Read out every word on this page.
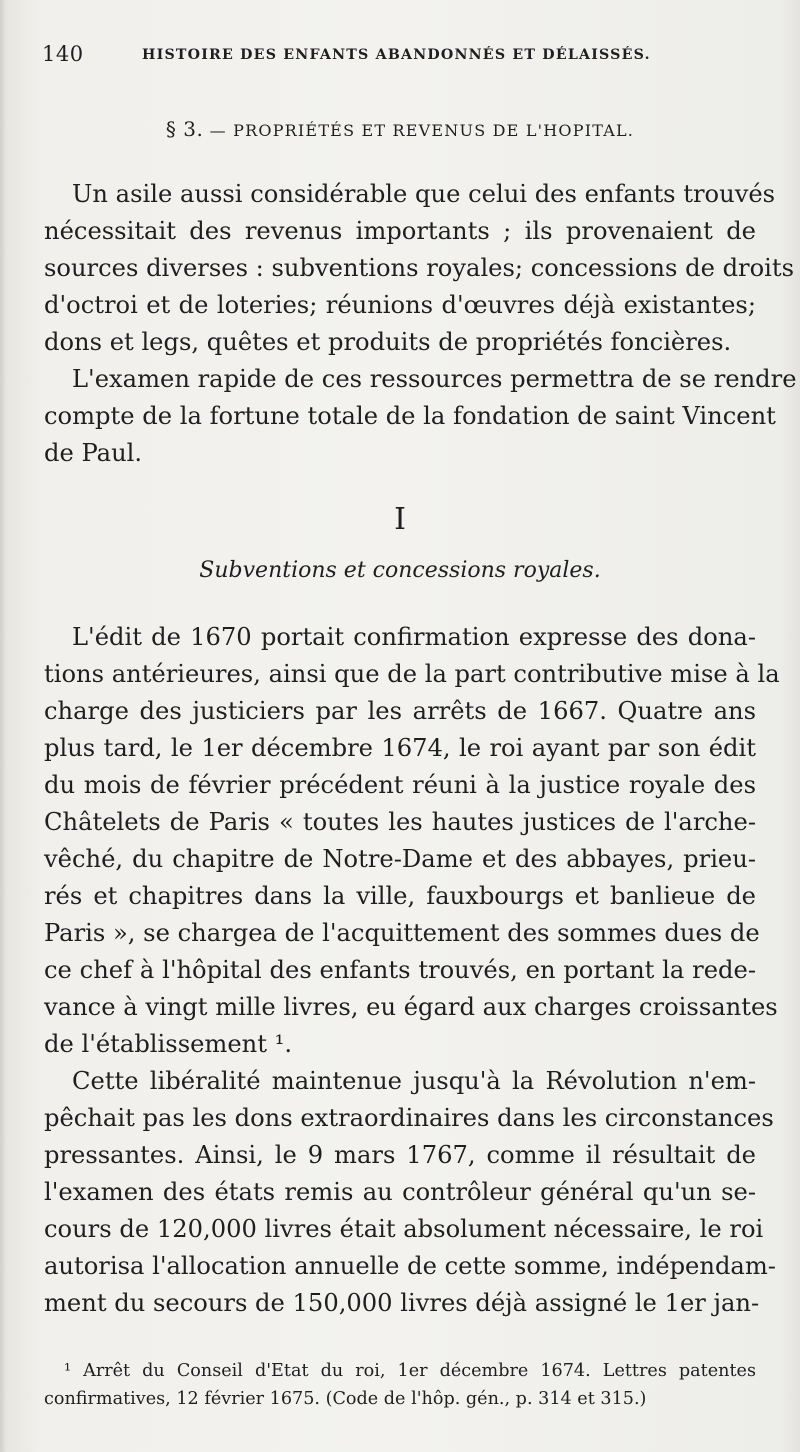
140	HISTOIRE DES ENFANTS ABANDONNÉS ET DÉLAISSÉS.
§ 3. — PROPRIÉTÉS ET REVENUS DE L'HOPITAL.
Un asile aussi considérable que celui des enfants trouvés
nécessitait des revenus importants ; ils provenaient de
sources diverses : subventions royales; concessions de droits
d'octroi et de loteries; réunions d'œuvres déjà existantes;
dons et legs, quêtes et produits de propriétés foncières.
L'examen rapide de ces ressources permettra de se rendre
compte de la fortune totale de la fondation de saint Vincent
de Paul.
I
Subventions et concessions royales.
L'édit de 1670 portait confirmation expresse des dona-
tions antérieures, ainsi que de la part contributive mise à la
charge des justiciers par les arrêts de 1667. Quatre ans
plus tard, le 1er décembre 1674, le roi ayant par son édit
du mois de février précédent réuni à la justice royale des
Châtelets de Paris « toutes les hautes justices de l'arche-
vêché, du chapitre de Notre-Dame et des abbayes, prieu-
rés et chapitres dans la ville, fauxbourgs et banlieue de
Paris », se chargea de l'acquittement des sommes dues de
ce chef à l'hôpital des enfants trouvés, en portant la rede-
vance à vingt mille livres, eu égard aux charges croissantes
de l'établissement ¹.
Cette libéralité maintenue jusqu'à la Révolution n'em-
pêchait pas les dons extraordinaires dans les circonstances
pressantes. Ainsi, le 9 mars 1767, comme il résultait de
l'examen des états remis au contrôleur général qu'un se-
cours de 120,000 livres était absolument nécessaire, le roi
autorisa l'allocation annuelle de cette somme, indépendam-
ment du secours de 150,000 livres déjà assigné le 1er jan-
¹ Arrêt du Conseil d'Etat du roi, 1er décembre 1674. Lettres patentes
confirmatives, 12 février 1675. (Code de l'hôp. gén., p. 314 et 315.)
